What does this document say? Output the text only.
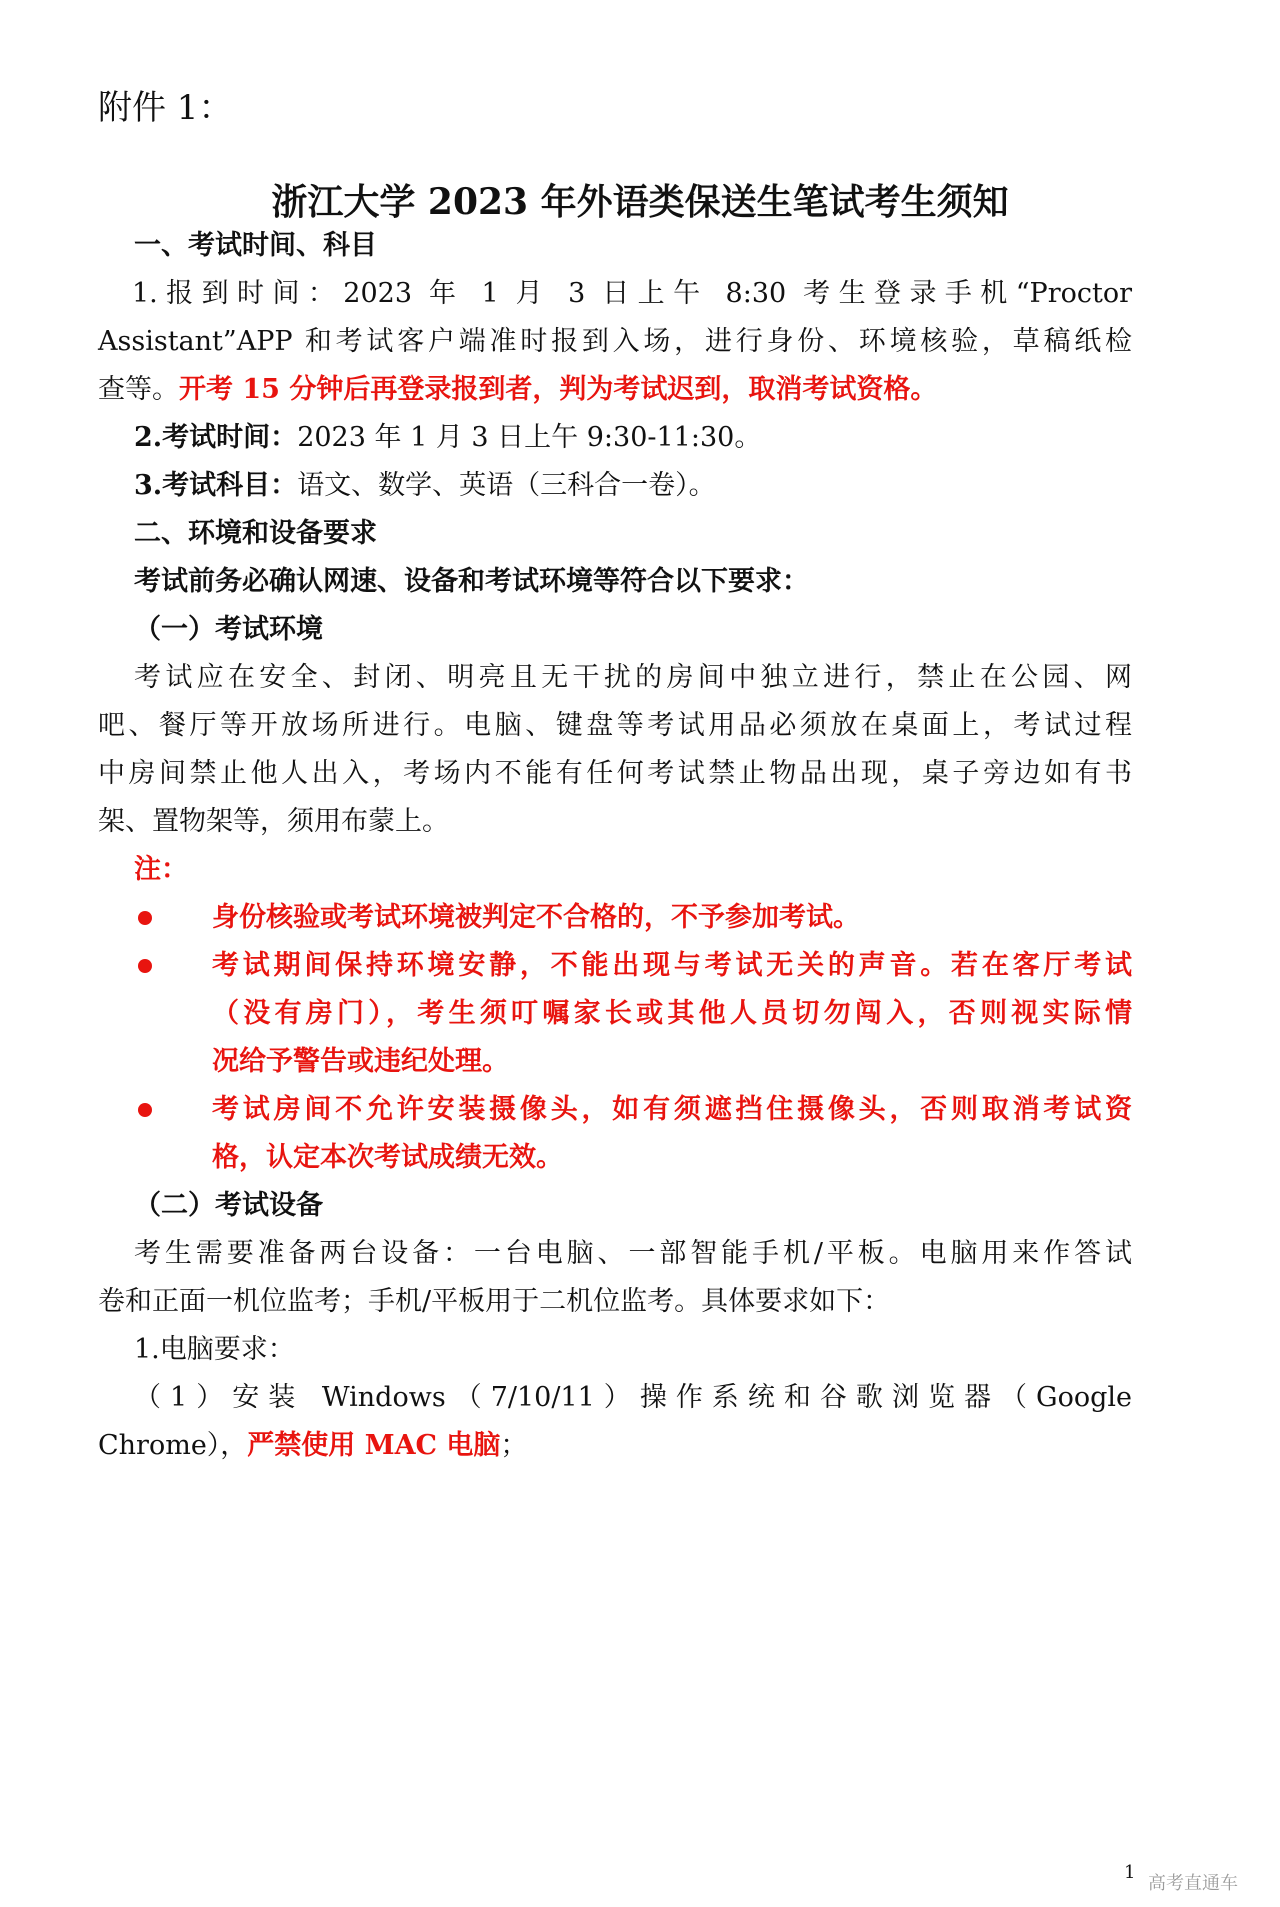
附件 1：
浙江大学 2023 年外语类保送生笔试考生须知
一、考试时间、科目
1.报到时间：2023 年 1 月 3 日上午 8:30 考生登录手机“Proctor
Assistant”APP 和考试客户端准时报到入场，进行身份、环境核验，草稿纸检
查等。开考 15 分钟后再登录报到者，判为考试迟到，取消考试资格。
2.考试时间：2023 年 1 月 3 日上午 9:30-11:30。
3.考试科目：语文、数学、英语（三科合一卷）。
二、环境和设备要求
考试前务必确认网速、设备和考试环境等符合以下要求：
（一）考试环境
考试应在安全、封闭、明亮且无干扰的房间中独立进行，禁止在公园、网
吧、餐厅等开放场所进行。电脑、键盘等考试用品必须放在桌面上，考试过程
中房间禁止他人出入，考场内不能有任何考试禁止物品出现，桌子旁边如有书
架、置物架等，须用布蒙上。
注：
身份核验或考试环境被判定不合格的，不予参加考试。
考试期间保持环境安静，不能出现与考试无关的声音。若在客厅考试
（没有房门），考生须叮嘱家长或其他人员切勿闯入，否则视实际情
况给予警告或违纪处理。
考试房间不允许安装摄像头，如有须遮挡住摄像头，否则取消考试资
格，认定本次考试成绩无效。
（二）考试设备
考生需要准备两台设备：一台电脑、一部智能手机/平板。电脑用来作答试
卷和正面一机位监考；手机/平板用于二机位监考。具体要求如下：
1.电脑要求：
（1）安装 Windows（7/10/11）操作系统和谷歌浏览器（Google
Chrome），严禁使用 MAC 电脑；
1
高考直通车
